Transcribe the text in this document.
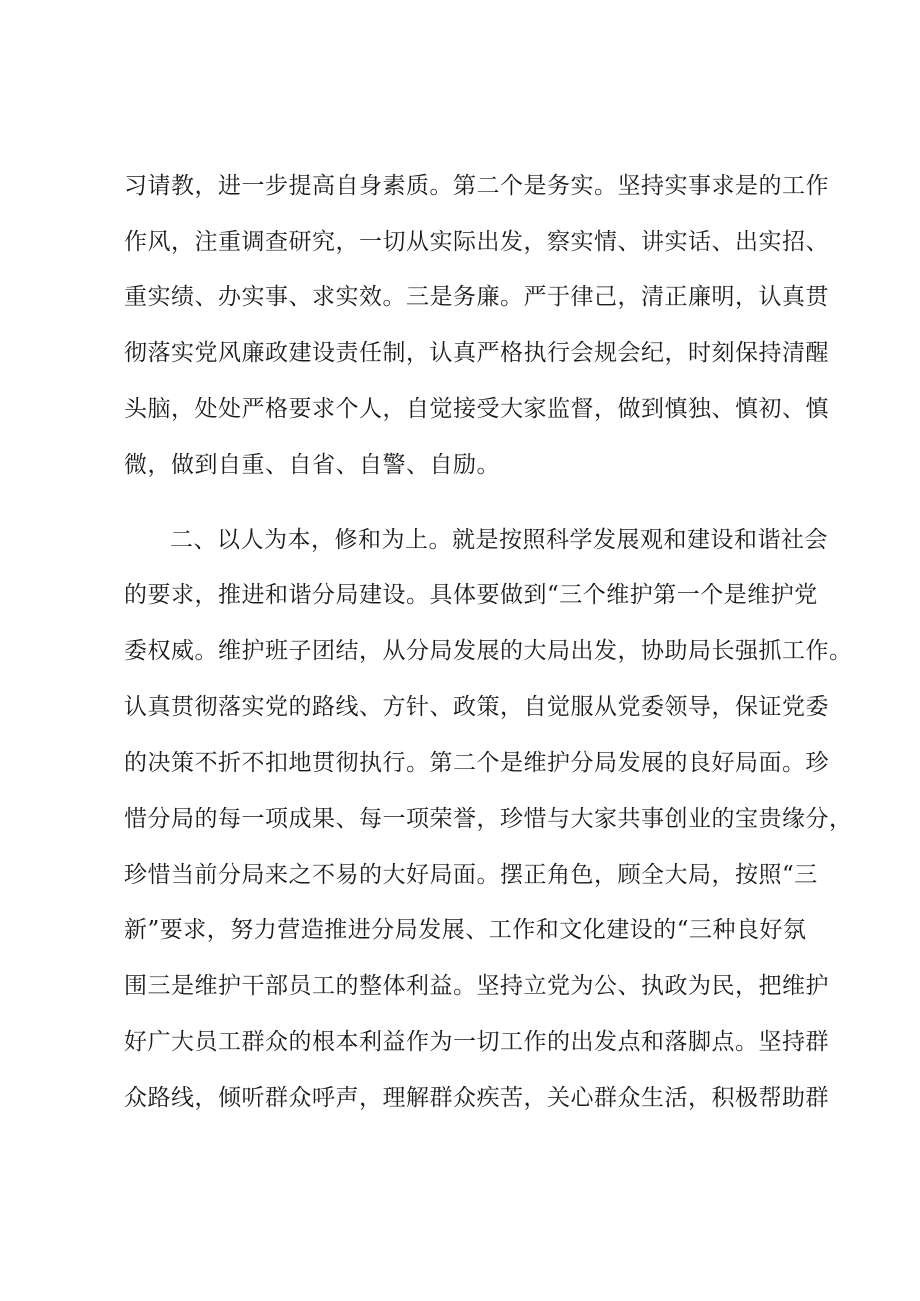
习请教，进一步提高自身素质。第二个是务实。坚持实事求是的工作
作风，注重调查研究，一切从实际出发，察实情、讲实话、出实招、
重实绩、办实事、求实效。三是务廉。严于律己，清正廉明，认真贯
彻落实党风廉政建设责任制，认真严格执行会规会纪，时刻保持清醒
头脑，处处严格要求个人，自觉接受大家监督，做到慎独、慎初、慎
微，做到自重、自省、自警、自励。
二、以人为本，修和为上。就是按照科学发展观和建设和谐社会
的要求，推进和谐分局建设。具体要做到“三个维护第一个是维护党
委权威。维护班子团结，从分局发展的大局出发，协助局长强抓工作。
认真贯彻落实党的路线、方针、政策，自觉服从党委领导，保证党委
的决策不折不扣地贯彻执行。第二个是维护分局发展的良好局面。珍
惜分局的每一项成果、每一项荣誉，珍惜与大家共事创业的宝贵缘分，
珍惜当前分局来之不易的大好局面。摆正角色，顾全大局，按照“三
新”要求，努力营造推进分局发展、工作和文化建设的“三种良好氛
围三是维护干部员工的整体利益。坚持立党为公、执政为民，把维护
好广大员工群众的根本利益作为一切工作的出发点和落脚点。坚持群
众路线，倾听群众呼声，理解群众疾苦，关心群众生活，积极帮助群
